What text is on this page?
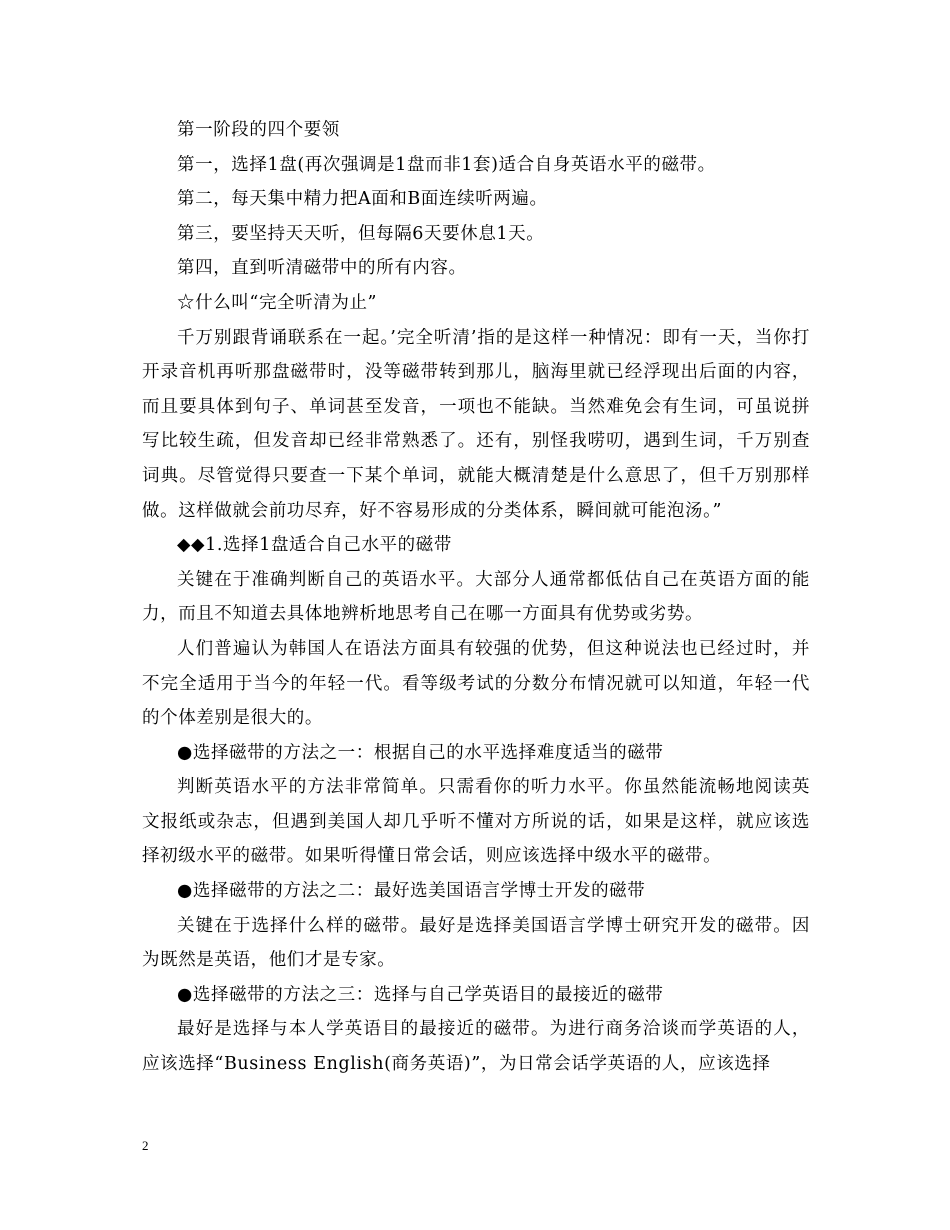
第一阶段的四个要领

第一，选择1盘(再次强调是1盘而非1套)适合自身英语水平的磁带。

第二，每天集中精力把A面和B面连续听两遍。

第三，要坚持天天听，但每隔6天要休息1天。

第四，直到听清磁带中的所有内容。

☆什么叫“完全听清为止”

千万别跟背诵联系在一起。’完全听清’指的是这样一种情况：即有一天，当你打开录音机再听那盘磁带时，没等磁带转到那儿，脑海里就已经浮现出后面的内容，而且要具体到句子、单词甚至发音，一项也不能缺。当然难免会有生词，可虽说拼写比较生疏，但发音却已经非常熟悉了。还有，别怪我唠叨，遇到生词，千万别查词典。尽管觉得只要查一下某个单词，就能大概清楚是什么意思了，但千万别那样做。这样做就会前功尽弃，好不容易形成的分类体系，瞬间就可能泡汤。”

◆◆1.选择1盘适合自己水平的磁带

关键在于准确判断自己的英语水平。大部分人通常都低估自己在英语方面的能力，而且不知道去具体地辨析地思考自己在哪一方面具有优势或劣势。

人们普遍认为韩国人在语法方面具有较强的优势，但这种说法也已经过时，并不完全适用于当今的年轻一代。看等级考试的分数分布情况就可以知道，年轻一代的个体差别是很大的。

●选择磁带的方法之一：根据自己的水平选择难度适当的磁带

判断英语水平的方法非常简单。只需看你的听力水平。你虽然能流畅地阅读英文报纸或杂志，但遇到美国人却几乎听不懂对方所说的话，如果是这样，就应该选择初级水平的磁带。如果听得懂日常会话，则应该选择中级水平的磁带。

●选择磁带的方法之二：最好选美国语言学博士开发的磁带

关键在于选择什么样的磁带。最好是选择美国语言学博士研究开发的磁带。因为既然是英语，他们才是专家。

●选择磁带的方法之三：选择与自己学英语目的最接近的磁带

最好是选择与本人学英语目的最接近的磁带。为进行商务洽谈而学英语的人，应该选择“Business English(商务英语)”，为日常会话学英语的人，应该选择

2
